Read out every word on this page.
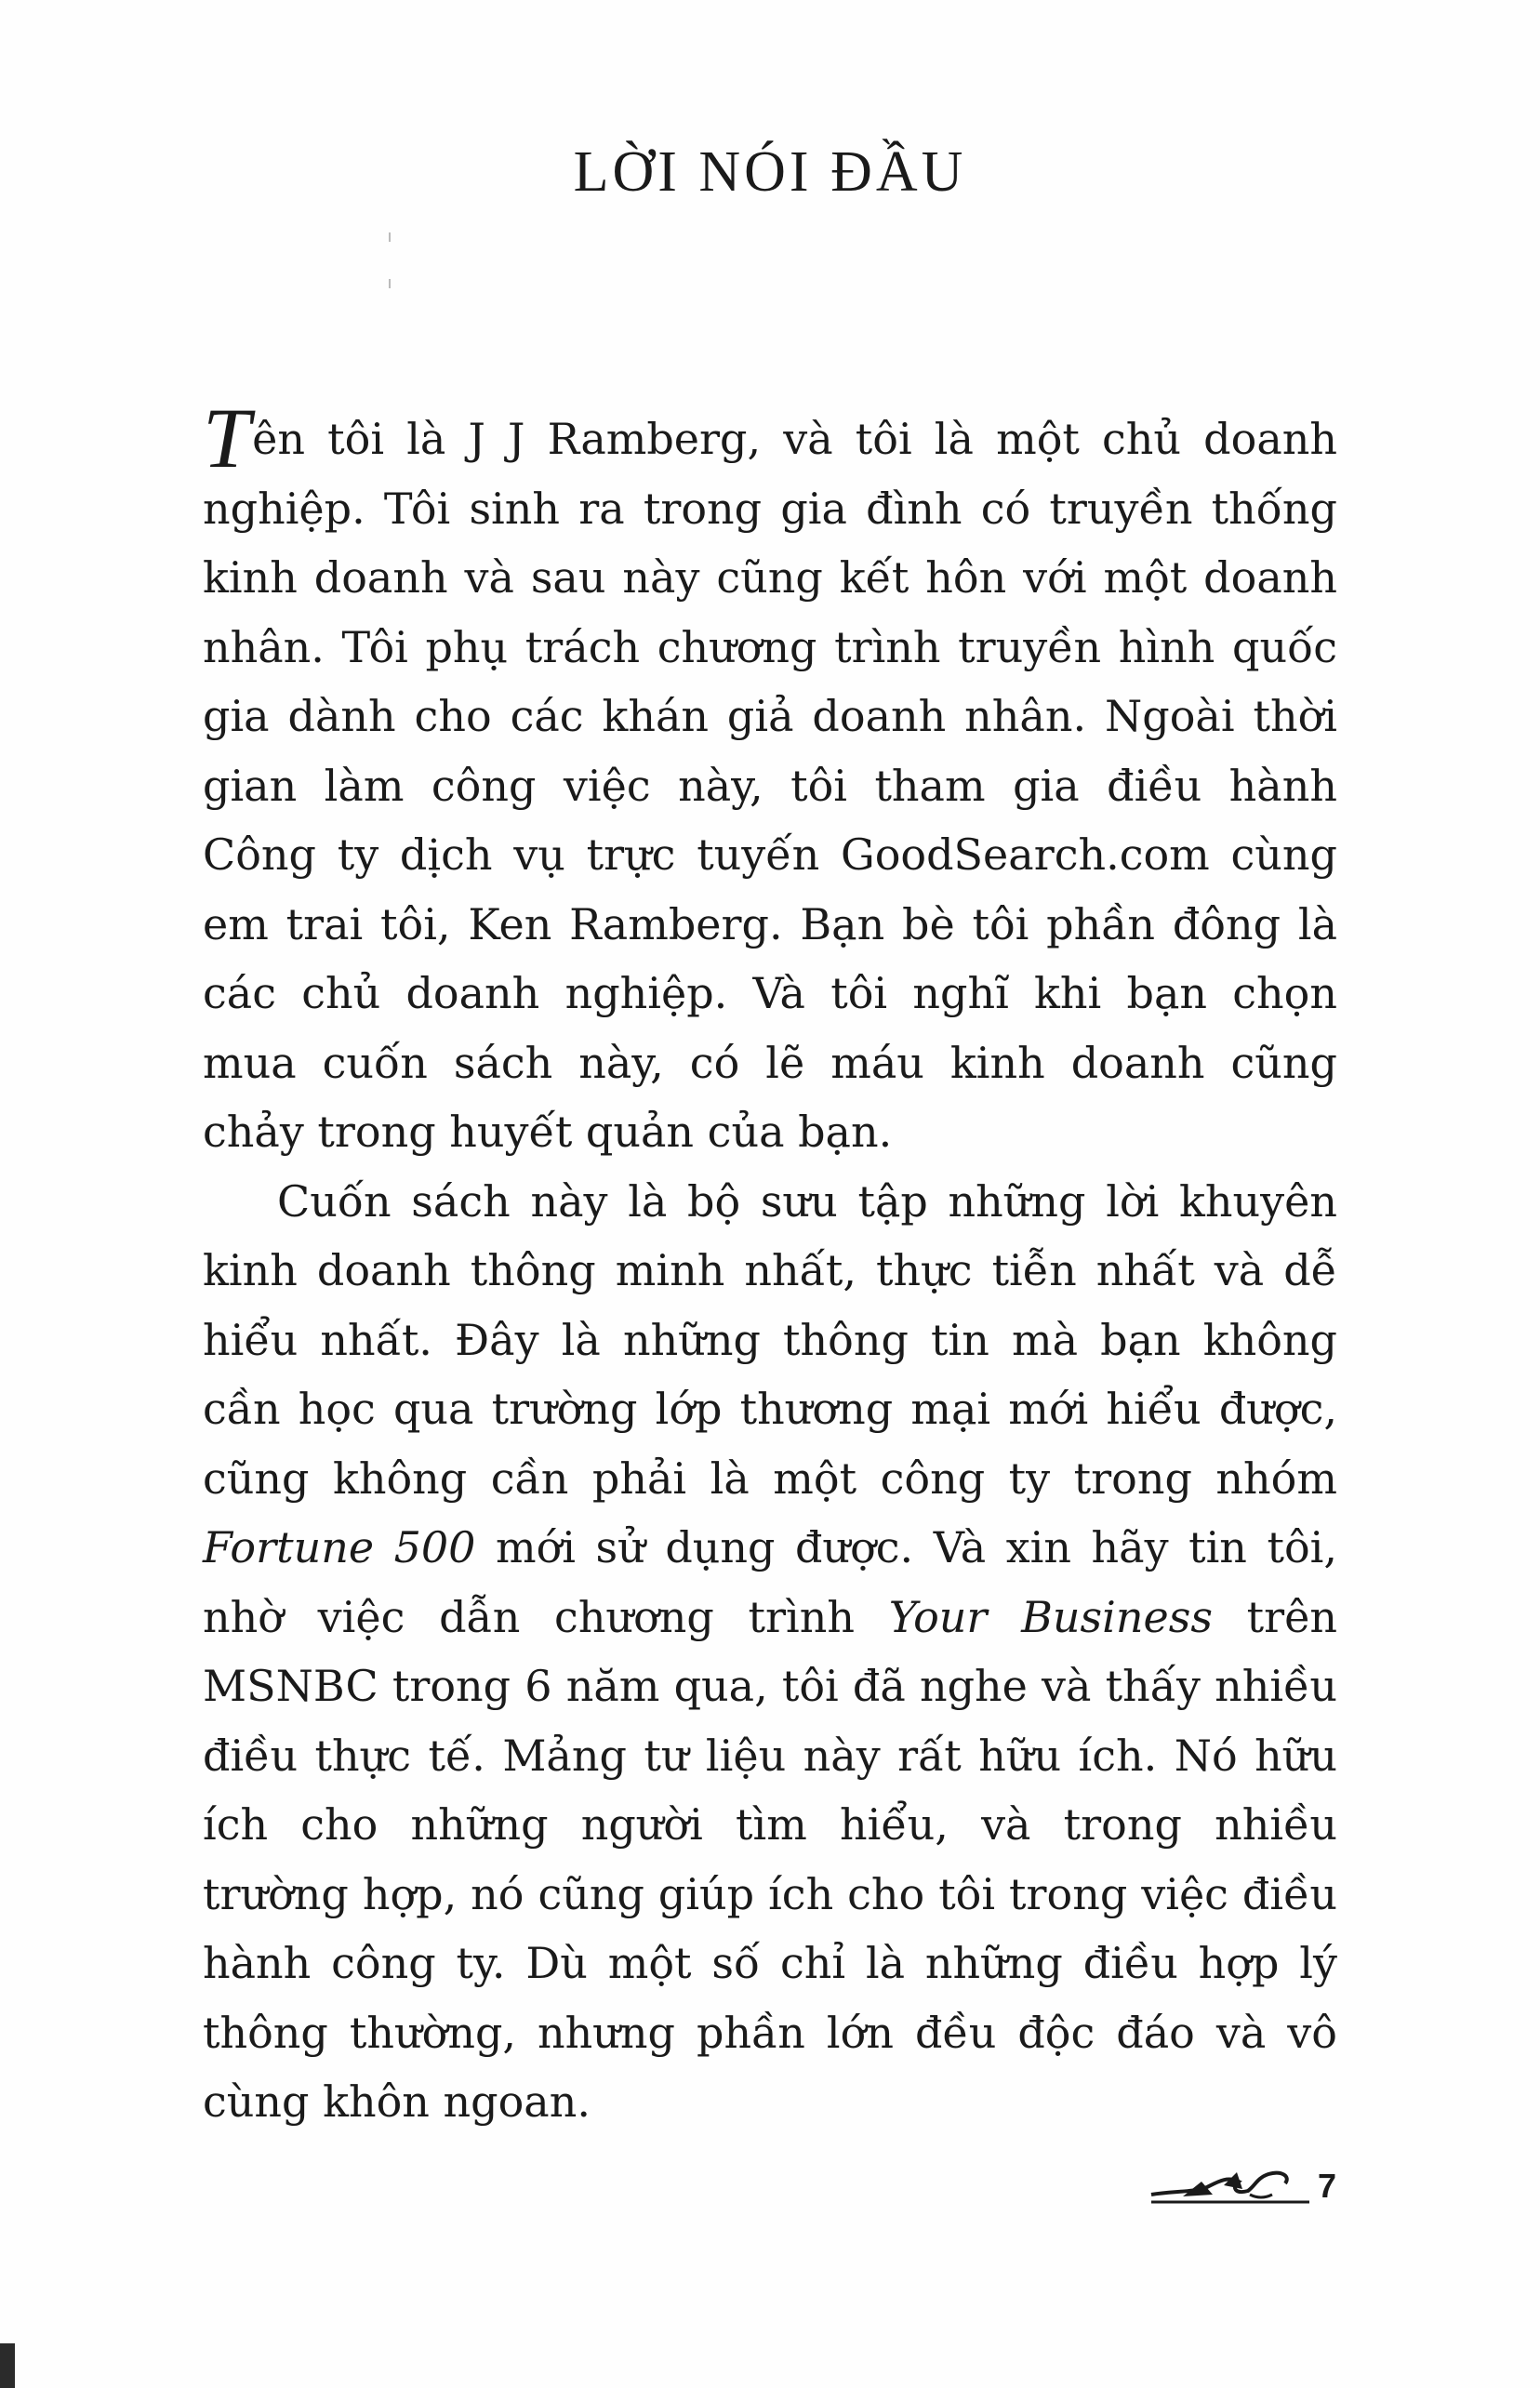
LỜI NÓI ĐẦU

Tên tôi là J J Ramberg, và tôi là một chủ doanh nghiệp. Tôi sinh ra trong gia đình có truyền thống kinh doanh và sau này cũng kết hôn với một doanh nhân. Tôi phụ trách chương trình truyền hình quốc gia dành cho các khán giả doanh nhân. Ngoài thời gian làm công việc này, tôi tham gia điều hành Công ty dịch vụ trực tuyến GoodSearch.com cùng em trai tôi, Ken Ramberg. Bạn bè tôi phần đông là các chủ doanh nghiệp. Và tôi nghĩ khi bạn chọn mua cuốn sách này, có lẽ máu kinh doanh cũng chảy trong huyết quản của bạn.

Cuốn sách này là bộ sưu tập những lời khuyên kinh doanh thông minh nhất, thực tiễn nhất và dễ hiểu nhất. Đây là những thông tin mà bạn không cần học qua trường lớp thương mại mới hiểu được, cũng không cần phải là một công ty trong nhóm Fortune 500 mới sử dụng được. Và xin hãy tin tôi, nhờ việc dẫn chương trình Your Business trên MSNBC trong 6 năm qua, tôi đã nghe và thấy nhiều điều thực tế. Mảng tư liệu này rất hữu ích. Nó hữu ích cho những người tìm hiểu, và trong nhiều trường hợp, nó cũng giúp ích cho tôi trong việc điều hành công ty. Dù một số chỉ là những điều hợp lý thông thường, nhưng phần lớn đều độc đáo và vô cùng khôn ngoan.

7
